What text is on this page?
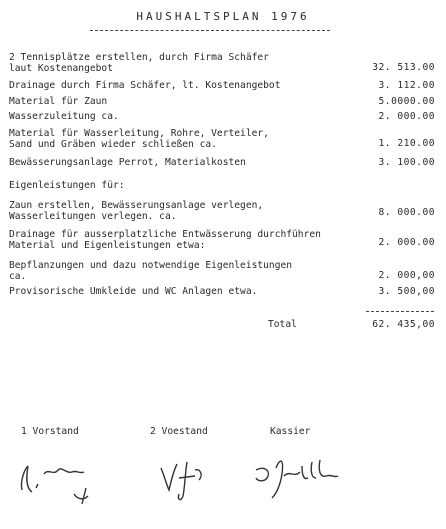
HAUSHALTSPLAN 1976
2 Tennisplätze erstellen, durch Firma Schäfer
laut Kostenangebot	32. 513.00
Drainage durch Firma Schäfer, lt. Kostenangebot	3. 112.00
Material für Zaun	5.0000.00
Wasserzuleitung ca.	2. 000.00
Material für Wasserleitung, Rohre, Verteiler,
Sand und Gräben wieder schließen ca.	1. 210.00
Bewässerungsanlage Perrot, Materialkosten	3. 100.00
Eigenleistungen für:
Zaun erstellen, Bewässerungsanlage verlegen,
Wasserleitungen verlegen. ca.	8. 000.00
Drainage für ausserplatzliche Entwässerung durchführen
Material und Eigenleistungen etwa:	2. 000.00
Bepflanzungen und dazu notwendige Eigenleistungen
ca.	2. 000,00
Provisorische Umkleide und WC Anlagen etwa.	3. 500,00
Total	62. 435,00
1 Vorstand	2 Voestand	Kassier
